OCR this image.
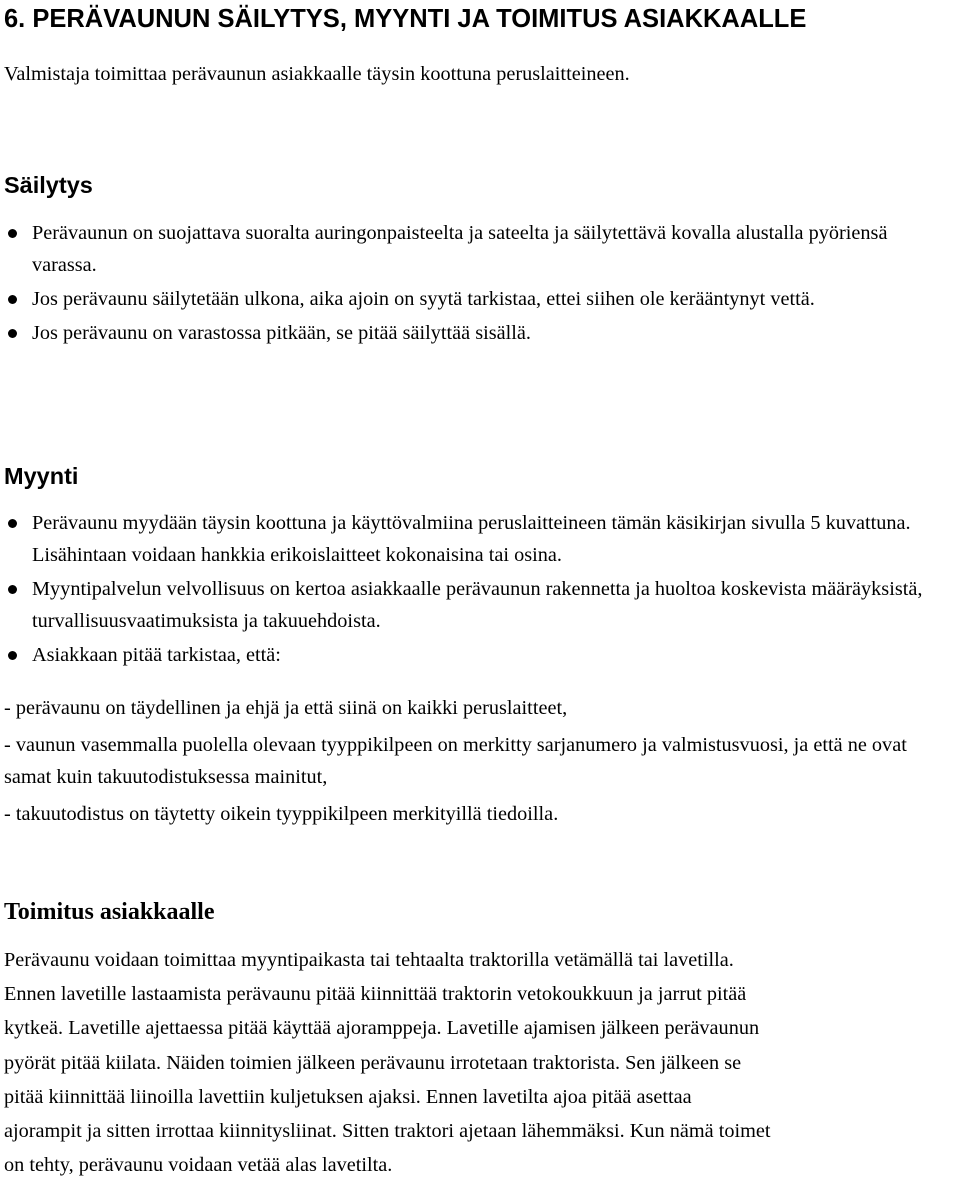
6. PERÄVAUNUN SÄILYTYS, MYYNTI JA TOIMITUS ASIAKKAALLE

Valmistaja toimittaa perävaunun asiakkaalle täysin koottuna peruslaitteineen.

Säilytys
Perävaunun on suojattava suoralta auringonpaisteelta ja sateelta ja säilytettävä kovalla alustalla pyöriensä varassa.
Jos perävaunu säilytetään ulkona, aika ajoin on syytä tarkistaa, ettei siihen ole kerääntynyt vettä.
Jos perävaunu on varastossa pitkään, se pitää säilyttää sisällä.
Myynti
Perävaunu myydään täysin koottuna ja käyttövalmiina peruslaitteineen tämän käsikirjan sivulla 5 kuvattuna. Lisähintaan voidaan hankkia erikoislaitteet kokonaisina tai osina.
Myyntipalvelun velvollisuus on kertoa asiakkaalle perävaunun rakennetta ja huoltoa koskevista määräyksistä, turvallisuusvaatimuksista ja takuuehdoista.
Asiakkaan pitää tarkistaa, että:
- perävaunu on täydellinen ja ehjä ja että siinä on kaikki peruslaitteet,
- vaunun vasemmalla puolella olevaan tyyppikilpeen on merkitty sarjanumero ja valmistusvuosi, ja että ne ovat samat kuin takuutodistuksessa mainitut,
- takuutodistus on täytetty oikein tyyppikilpeen merkityillä tiedoilla.
Toimitus asiakkaalle

Perävaunu voidaan toimittaa myyntipaikasta tai tehtaalta traktorilla vetämällä tai lavetilla.
Ennen lavetille lastaamista perävaunu pitää kiinnittää traktorin vetokoukkuun ja jarrut pitää
kytkeä. Lavetille ajettaessa pitää käyttää ajoramppeja. Lavetille ajamisen jälkeen perävaunun
pyörät pitää kiilata. Näiden toimien jälkeen perävaunu irrotetaan traktorista. Sen jälkeen se
pitää kiinnittää liinoilla lavettiin kuljetuksen ajaksi. Ennen lavetilta ajoa pitää asettaa
ajorampit ja sitten irrottaa kiinnitysliinat. Sitten traktori ajetaan lähemmäksi. Kun nämä toimet
on tehty, perävaunu voidaan vetää alas lavetilta.
